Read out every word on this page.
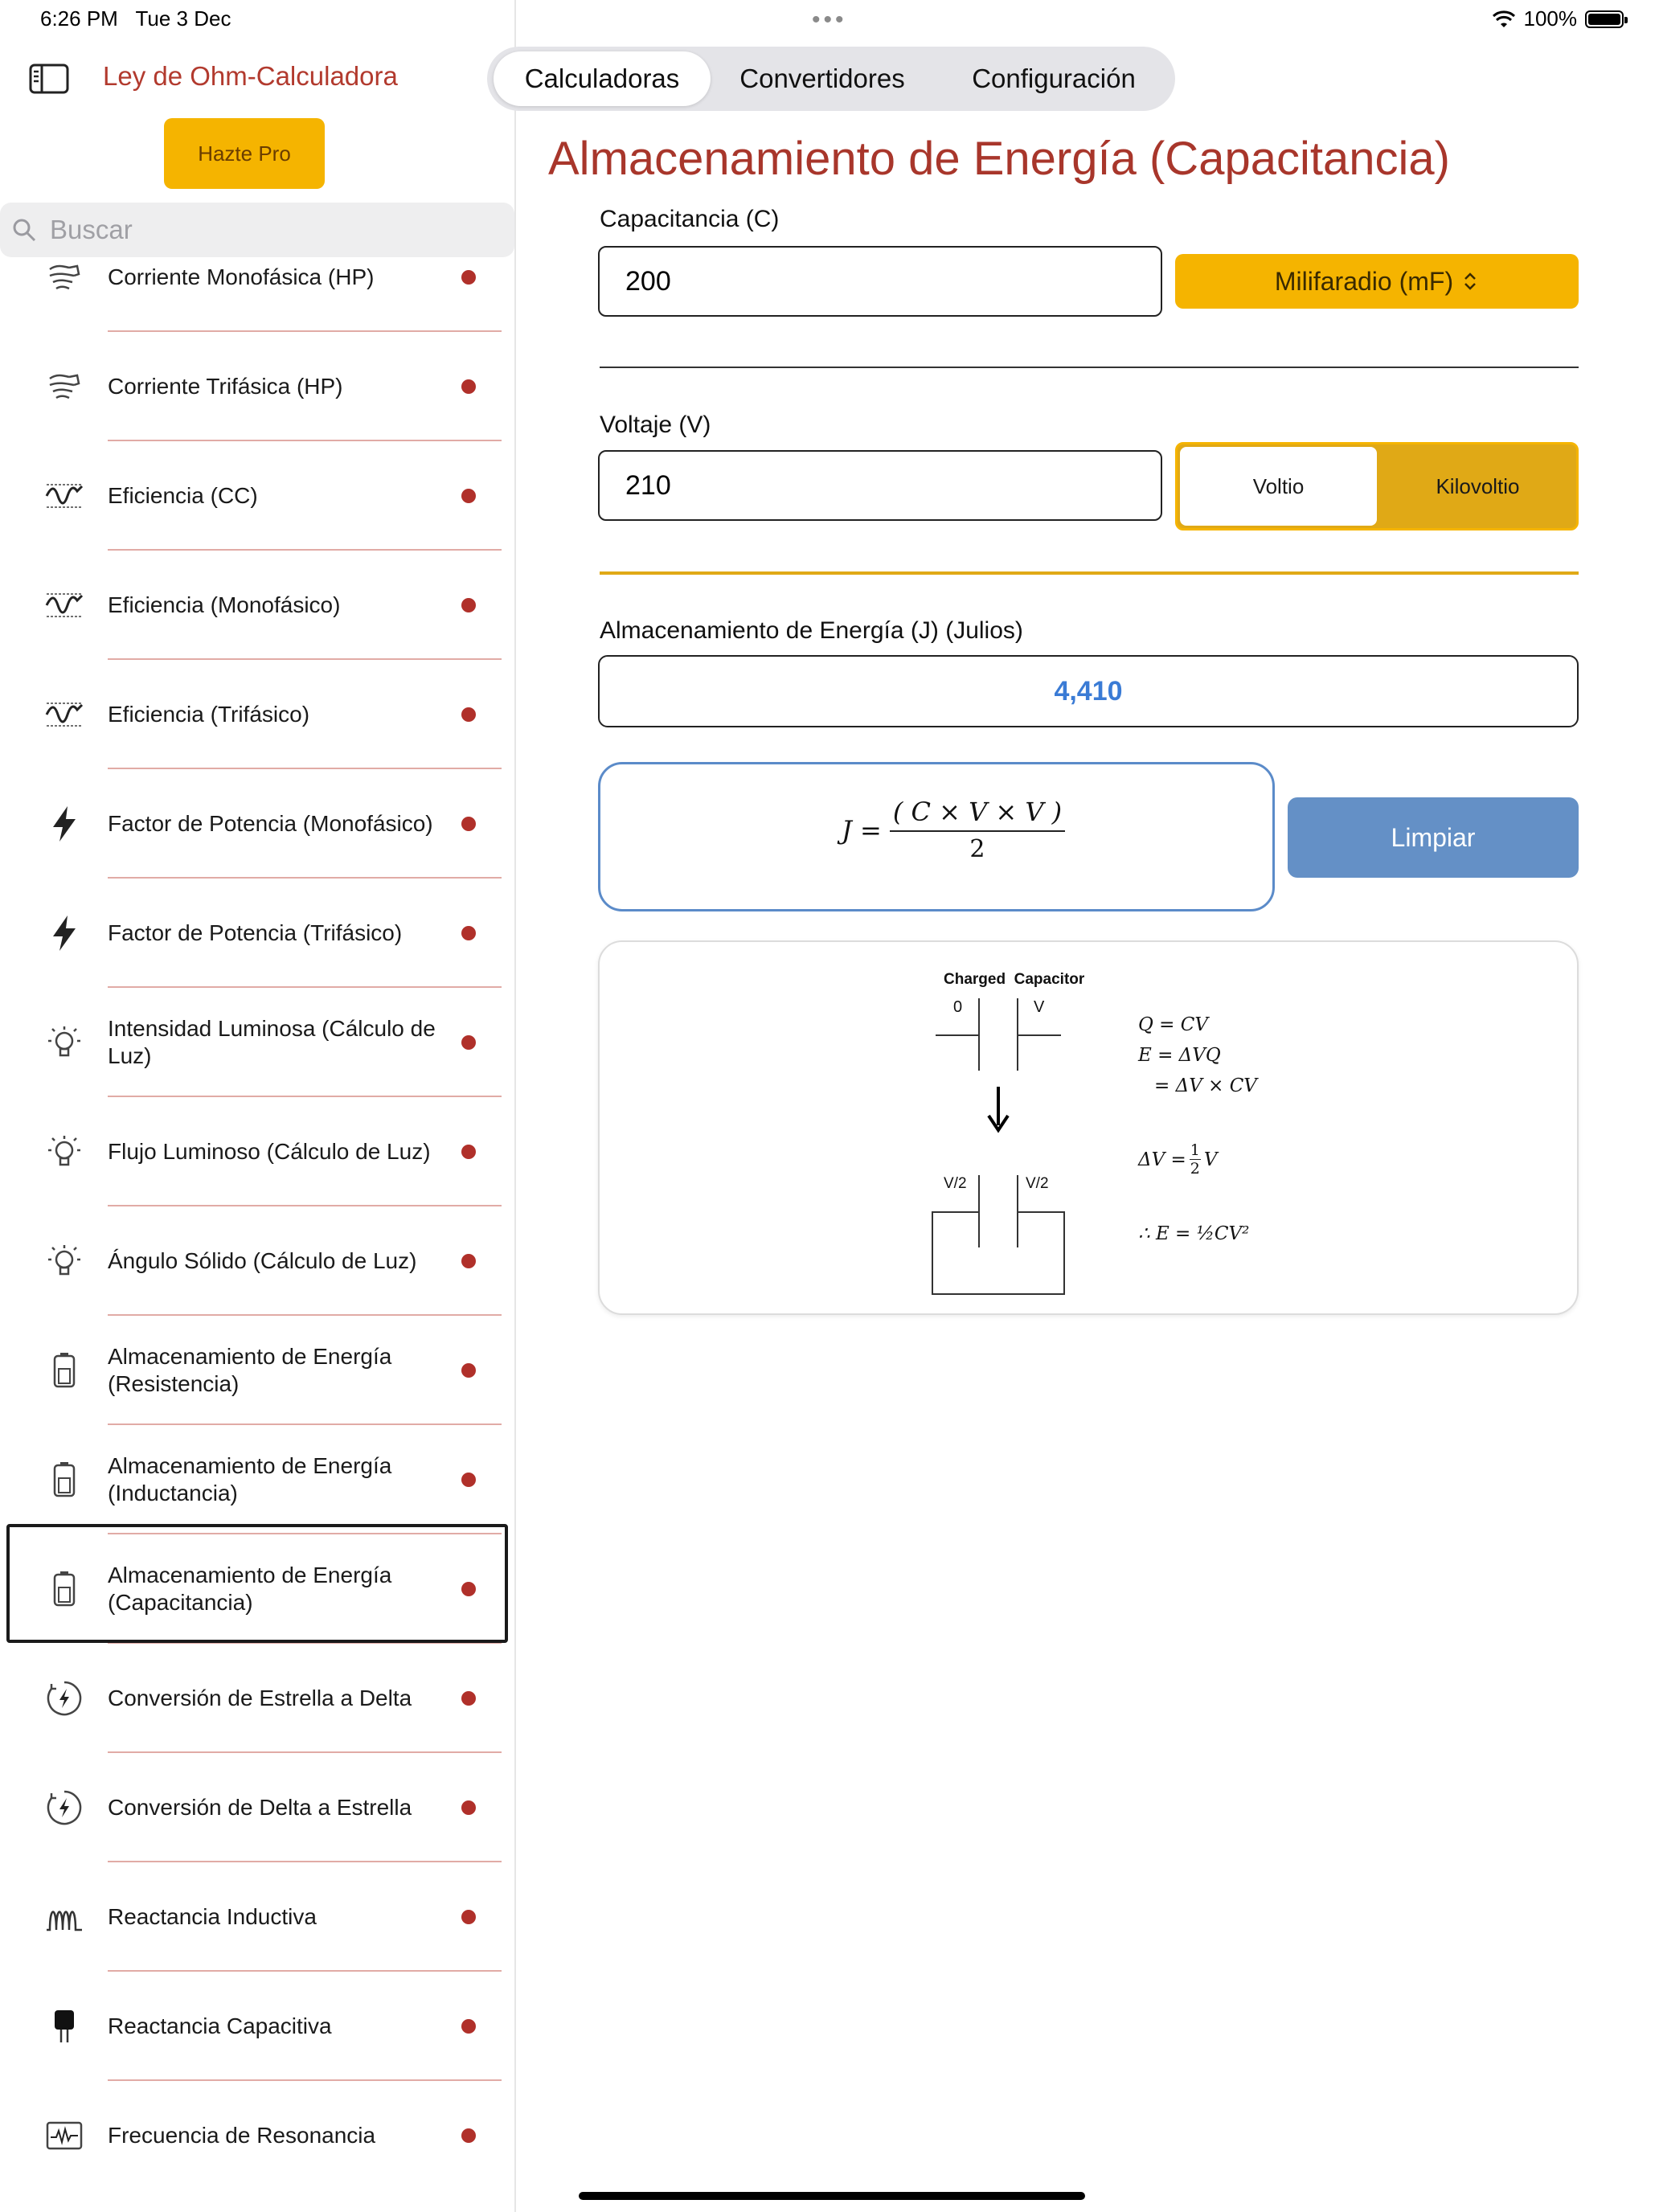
6:26 PM Tue 3 Dec	•••	100%
Ley de Ohm-Calculadora
Hazte Pro
Corriente Monofásica (HP)
Corriente Trifásica (HP)
Eficiencia (CC)
Eficiencia (Monofásico)
Eficiencia (Trifásico)
Factor de Potencia (Monofásico)
Factor de Potencia (Trifásico)
Intensidad Luminosa (Cálculo de Luz)
Flujo Luminoso (Cálculo de Luz)
Ángulo Sólido (Cálculo de Luz)
Almacenamiento de Energía (Resistencia)
Almacenamiento de Energía (Inductancia)
Almacenamiento de Energía (Capacitancia)
Conversión de Estrella a Delta
Conversión de Delta a Estrella
Reactancia Inductiva
Reactancia Capacitiva
Frecuencia de Resonancia
Buscar
Calculadoras	Convertidores	Configuración
Almacenamiento de Energía (Capacitancia)
Capacitancia (C)
200	Milifaradio (mF)
Voltaje (V)
210	Voltio	Kilovoltio
Almacenamiento de Energía (J) (Julios)
4,410
J =
( C × V × V )
2	Limpiar
Charged Capacitor
0	V
V/2	V/2
Q = CV
E = ΔVQ
= ΔV × CV
ΔV = 1
2 V
∴ E = ½CV²
